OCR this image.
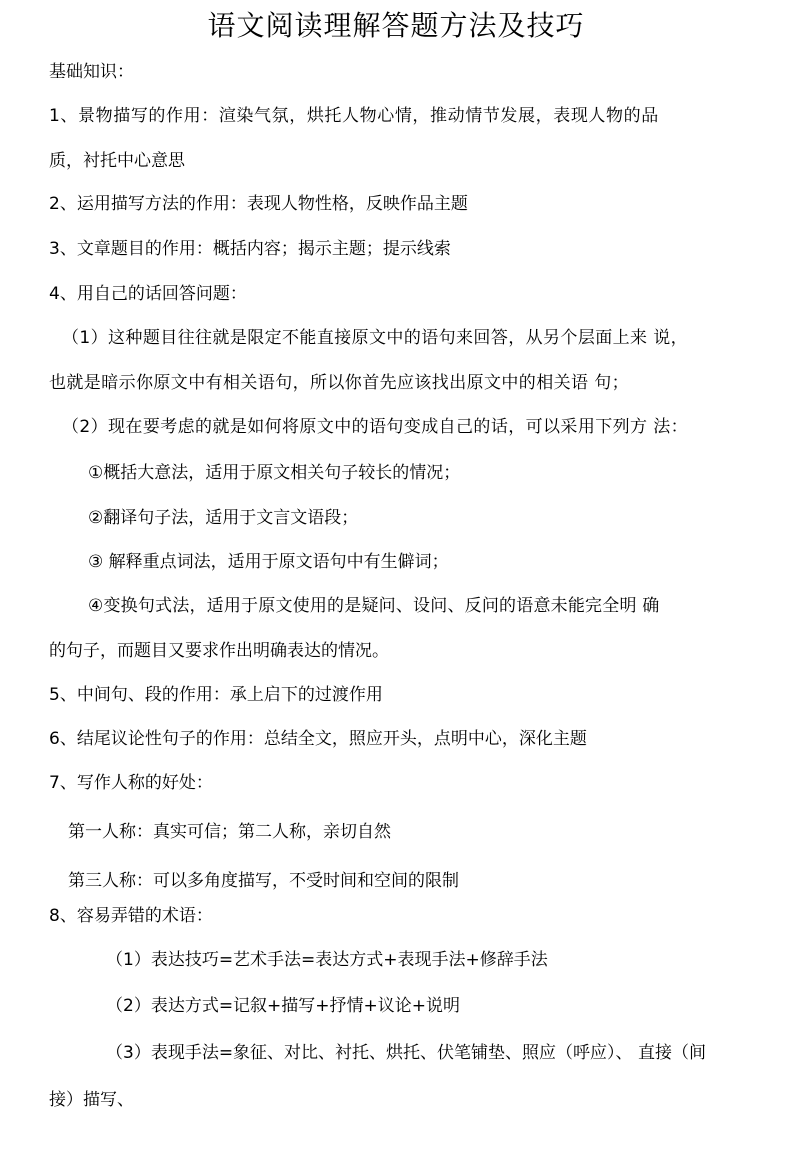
语文阅读理解答题方法及技巧
基础知识：
1、景物描写的作用：渲染气氛，烘托人物心情，推动情节发展，表现人物的品
质，衬托中心意思
2、运用描写方法的作用：表现人物性格，反映作品主题
3、文章题目的作用：概括内容；揭示主题；提示线索
4、用自己的话回答问题：
（1）这种题目往往就是限定不能直接原文中的语句来回答，从另个层面上来 说，
也就是暗示你原文中有相关语句，所以你首先应该找出原文中的相关语 句；
（2）现在要考虑的就是如何将原文中的语句变成自己的话，可以采用下列方 法：
①概括大意法，适用于原文相关句子较长的情况；
②翻译句子法，适用于文言文语段；
③ 解释重点词法，适用于原文语句中有生僻词；
④变换句式法，适用于原文使用的是疑问、设问、反问的语意未能完全明 确
的句子，而题目又要求作出明确表达的情况。
5、中间句、段的作用：承上启下的过渡作用
6、结尾议论性句子的作用：总结全文，照应开头，点明中心，深化主题
7、写作人称的好处：
第一人称：真实可信；第二人称，亲切自然
第三人称：可以多角度描写，不受时间和空间的限制
8、容易弄错的术语：
（1）表达技巧=艺术手法=表达方式+表现手法+修辞手法
（2）表达方式=记叙+描写+抒情+议论+说明
（3）表现手法=象征、对比、衬托、烘托、伏笔铺垫、照应（呼应）、 直接（间
接）描写、
